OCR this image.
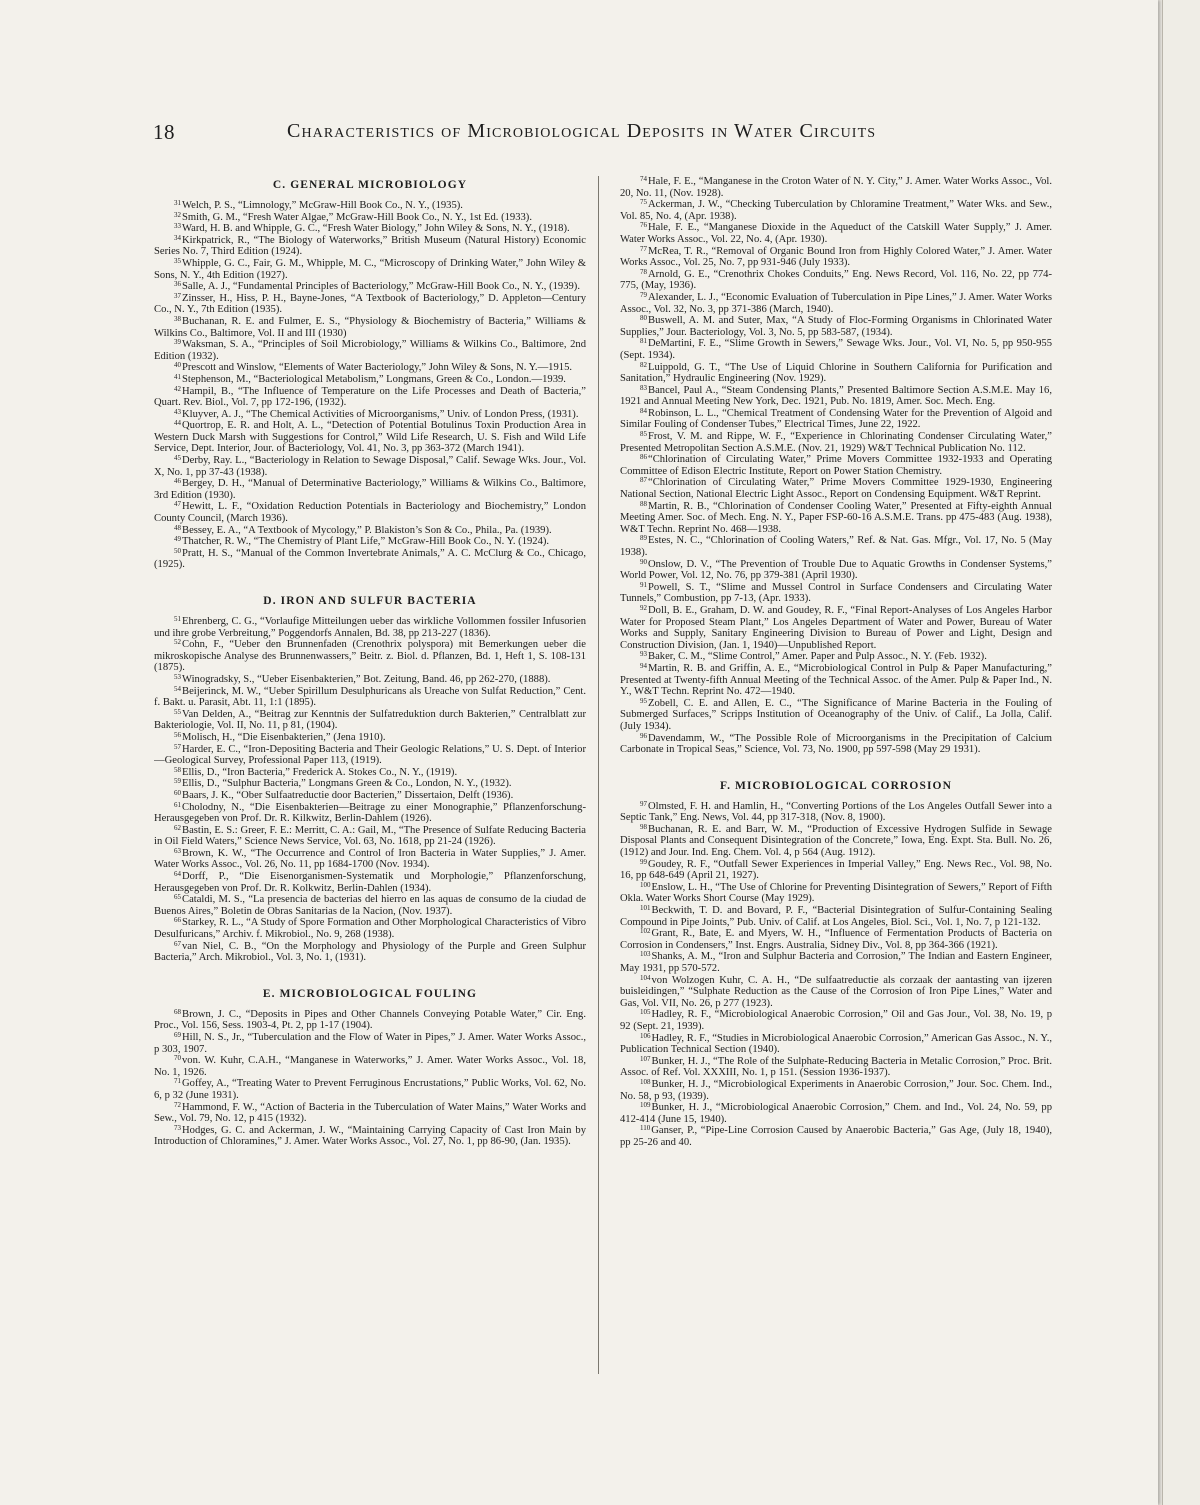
18	Characteristics of Microbiological Deposits in Water Circuits
C. GENERAL MICROBIOLOGY

$^{31}$Welch, P. S., “Limnology,” McGraw-Hill Book Co., N. Y., (1935).

$^{32}$Smith, G. M., “Fresh Water Algae,” McGraw-Hill Book Co., N. Y., 1st Ed. (1933).

$^{33}$Ward, H. B. and Whipple, G. C., “Fresh Water Biology,” John Wiley & Sons, N. Y., (1918).

$^{34}$Kirkpatrick, R., “The Biology of Waterworks,” British Museum (Natural History) Economic Series No. 7, Third Edition (1924).

$^{35}$Whipple, G. C., Fair, G. M., Whipple, M. C., “Microscopy of Drinking Water,” John Wiley & Sons, N. Y., 4th Edition (1927).

$^{36}$Salle, A. J., “Fundamental Principles of Bacteriology,” McGraw-Hill Book Co., N. Y., (1939).

$^{37}$Zinsser, H., Hiss, P. H., Bayne-Jones, “A Textbook of Bacteriology,” D. Appleton—Century Co., N. Y., 7th Edition (1935).

$^{38}$Buchanan, R. E. and Fulmer, E. S., “Physiology & Biochemistry of Bacteria,” Williams & Wilkins Co., Baltimore, Vol. II and III (1930)

$^{39}$Waksman, S. A., “Principles of Soil Microbiology,” Williams & Wilkins Co., Baltimore, 2nd Edition (1932).

$^{40}$Prescott and Winslow, “Elements of Water Bacteriology,” John Wiley & Sons, N. Y.—1915.

$^{41}$Stephenson, M., “Bacteriological Metabolism,” Longmans, Green & Co., London.—1939.

$^{42}$Hampil, B., “The Influence of Temperature on the Life Processes and Death of Bacteria,” Quart. Rev. Biol., Vol. 7, pp 172-196, (1932).

$^{43}$Kluyver, A. J., “The Chemical Activities of Microorganisms,” Univ. of London Press, (1931).

$^{44}$Quortrop, E. R. and Holt, A. L., “Detection of Potential Botulinus Toxin Production Area in Western Duck Marsh with Suggestions for Control,” Wild Life Research, U. S. Fish and Wild Life Service, Dept. Interior, Jour. of Bacteriology, Vol. 41, No. 3, pp 363-372 (March 1941).

$^{45}$Derby, Ray. L., “Bacteriology in Relation to Sewage Disposal,” Calif. Sewage Wks. Jour., Vol. X, No. 1, pp 37-43 (1938).

$^{46}$Bergey, D. H., “Manual of Determinative Bacteriology,” Williams & Wilkins Co., Baltimore, 3rd Edition (1930).

$^{47}$Hewitt, L. F., “Oxidation Reduction Potentials in Bacteriology and Biochemistry,” London County Council, (March 1936).

$^{48}$Bessey, E. A., “A Textbook of Mycology,” P. Blakiston’s Son & Co., Phila., Pa. (1939).

$^{49}$Thatcher, R. W., “The Chemistry of Plant Life,” McGraw-Hill Book Co., N. Y. (1924).

$^{50}$Pratt, H. S., “Manual of the Common Invertebrate Animals,” A. C. McClurg & Co., Chicago, (1925).

D. IRON AND SULFUR BACTERIA

$^{51}$Ehrenberg, C. G., “Vorlaufige Mitteilungen ueber das wirkliche Vollommen fossiler Infusorien und ihre grobe Verbreitung,” Poggendorfs Annalen, Bd. 38, pp 213-227 (1836).

$^{52}$Cohn, F., “Ueber den Brunnenfaden (Crenothrix polyspora) mit Bemerkungen ueber die mikroskopische Analyse des Brunnenwassers,” Beitr. z. Biol. d. Pflanzen, Bd. 1, Heft 1, S. 108-131 (1875).

$^{53}$Winogradsky, S., “Ueber Eisenbakterien,” Bot. Zeitung, Band. 46, pp 262-270, (1888).

$^{54}$Beijerinck, M. W., “Ueber Spirillum Desulphuricans als Ureache von Sulfat Reduction,” Cent. f. Bakt. u. Parasit, Abt. 11, 1:1 (1895).

$^{55}$Van Delden, A., “Beitrag zur Kenntnis der Sulfatreduktion durch Bakterien,” Centralblatt zur Bakteriologie, Vol. II, No. 11, p 81, (1904).

$^{56}$Molisch, H., “Die Eisenbakterien,” (Jena 1910).

$^{57}$Harder, E. C., “Iron-Depositing Bacteria and Their Geologic Relations,” U. S. Dept. of Interior—Geological Survey, Professional Paper 113, (1919).

$^{58}$Ellis, D., “Iron Bacteria,” Frederick A. Stokes Co., N. Y., (1919).

$^{59}$Ellis, D., “Sulphur Bacteria,” Longmans Green & Co., London, N. Y., (1932).

$^{60}$Baars, J. K., “Ober Sulfaatreductie door Bacterien,” Dissertaion, Delft (1936).

$^{61}$Cholodny, N., “Die Eisenbakterien—Beitrage zu einer Monographie,” Pflanzenforschung-Herausgegeben von Prof. Dr. R. Kilkwitz, Berlin-Dahlem (1926).

$^{62}$Bastin, E. S.: Greer, F. E.: Merritt, C. A.: Gail, M., “The Presence of Sulfate Reducing Bacteria in Oil Field Waters,” Science News Service, Vol. 63, No. 1618, pp 21-24 (1926).

$^{63}$Brown, K. W., “The Occurrence and Control of Iron Bacteria in Water Supplies,” J. Amer. Water Works Assoc., Vol. 26, No. 11, pp 1684-1700 (Nov. 1934).

$^{64}$Dorff, P., “Die Eisenorganismen-Systematik und Morphologie,” Pflanzenforschung, Herausgegeben von Prof. Dr. R. Kolkwitz, Berlin-Dahlen (1934).

$^{65}$Cataldi, M. S., “La presencia de bacterias del hierro en las aquas de consumo de la ciudad de Buenos Aires,” Boletin de Obras Sanitarias de la Nacion, (Nov. 1937).

$^{66}$Starkey, R. L., “A Study of Spore Formation and Other Morphological Characteristics of Vibro Desulfuricans,” Archiv. f. Mikrobiol., No. 9, 268 (1938).

$^{67}$van Niel, C. B., “On the Morphology and Physiology of the Purple and Green Sulphur Bacteria,” Arch. Mikrobiol., Vol. 3, No. 1, (1931).

E. MICROBIOLOGICAL FOULING

$^{68}$Brown, J. C., “Deposits in Pipes and Other Channels Conveying Potable Water,” Cir. Eng. Proc., Vol. 156, Sess. 1903-4, Pt. 2, pp 1-17 (1904).

$^{69}$Hill, N. S., Jr., “Tuberculation and the Flow of Water in Pipes,” J. Amer. Water Works Assoc., p 303, 1907.

$^{70}$von. W. Kuhr, C.A.H., “Manganese in Waterworks,” J. Amer. Water Works Assoc., Vol. 18, No. 1, 1926.

$^{71}$Goffey, A., “Treating Water to Prevent Ferruginous Encrustations,” Public Works, Vol. 62, No. 6, p 32 (June 1931).

$^{72}$Hammond, F. W., “Action of Bacteria in the Tuberculation of Water Mains,” Water Works and Sew., Vol. 79, No. 12, p 415 (1932).

$^{73}$Hodges, G. C. and Ackerman, J. W., “Maintaining Carrying Capacity of Cast Iron Main by Introduction of Chloramines,” J. Amer. Water Works Assoc., Vol. 27, No. 1, pp 86-90, (Jan. 1935).

$^{74}$Hale, F. E., “Manganese in the Croton Water of N. Y. City,” J. Amer. Water Works Assoc., Vol. 20, No. 11, (Nov. 1928).

$^{75}$Ackerman, J. W., “Checking Tuberculation by Chloramine Treatment,” Water Wks. and Sew., Vol. 85, No. 4, (Apr. 1938).

$^{76}$Hale, F. E., “Manganese Dioxide in the Aqueduct of the Catskill Water Supply,” J. Amer. Water Works Assoc., Vol. 22, No. 4, (Apr. 1930).

$^{77}$McRea, T. R., “Removal of Organic Bound Iron from Highly Colored Water,” J. Amer. Water Works Assoc., Vol. 25, No. 7, pp 931-946 (July 1933).

$^{78}$Arnold, G. E., “Crenothrix Chokes Conduits,” Eng. News Record, Vol. 116, No. 22, pp 774-775, (May, 1936).

$^{79}$Alexander, L. J., “Economic Evaluation of Tuberculation in Pipe Lines,” J. Amer. Water Works Assoc., Vol. 32, No. 3, pp 371-386 (March, 1940).

$^{80}$Buswell, A. M. and Suter, Max, “A Study of Floc-Forming Organisms in Chlorinated Water Supplies,” Jour. Bacteriology, Vol. 3, No. 5, pp 583-587, (1934).

$^{81}$DeMartini, F. E., “Slime Growth in Sewers,” Sewage Wks. Jour., Vol. VI, No. 5, pp 950-955 (Sept. 1934).

$^{82}$Luippold, G. T., “The Use of Liquid Chlorine in Southern California for Purification and Sanitation,” Hydraulic Engineering (Nov. 1929).

$^{83}$Bancel, Paul A., “Steam Condensing Plants,” Presented Baltimore Section A.S.M.E. May 16, 1921 and Annual Meeting New York, Dec. 1921, Pub. No. 1819, Amer. Soc. Mech. Eng.

$^{84}$Robinson, L. L., “Chemical Treatment of Condensing Water for the Prevention of Algoid and Similar Fouling of Condenser Tubes,” Electrical Times, June 22, 1922.

$^{85}$Frost, V. M. and Rippe, W. F., “Experience in Chlorinating Condenser Circulating Water,” Presented Metropolitan Section A.S.M.E. (Nov. 21, 1929) W&T Technical Publication No. 112.

$^{86}$“Chlorination of Circulating Water,” Prime Movers Committee 1932-1933 and Operating Committee of Edison Electric Institute, Report on Power Station Chemistry.

$^{87}$“Chlorination of Circulating Water,” Prime Movers Committee 1929-1930, Engineering National Section, National Electric Light Assoc., Report on Condensing Equipment. W&T Reprint.

$^{88}$Martin, R. B., “Chlorination of Condenser Cooling Water,” Presented at Fifty-eighth Annual Meeting Amer. Soc. of Mech. Eng. N. Y., Paper FSP-60-16 A.S.M.E. Trans. pp 475-483 (Aug. 1938), W&T Techn. Reprint No. 468—1938.

$^{89}$Estes, N. C., “Chlorination of Cooling Waters,” Ref. & Nat. Gas. Mfgr., Vol. 17, No. 5 (May 1938).

$^{90}$Onslow, D. V., “The Prevention of Trouble Due to Aquatic Growths in Condenser Systems,” World Power, Vol. 12, No. 76, pp 379-381 (April 1930).

$^{91}$Powell, S. T., “Slime and Mussel Control in Surface Condensers and Circulating Water Tunnels,” Combustion, pp 7-13, (Apr. 1933).

$^{92}$Doll, B. E., Graham, D. W. and Goudey, R. F., “Final Report-Analyses of Los Angeles Harbor Water for Proposed Steam Plant,” Los Angeles Department of Water and Power, Bureau of Water Works and Supply, Sanitary Engineering Division to Bureau of Power and Light, Design and Construction Division, (Jan. 1, 1940)—Unpublished Report.

$^{93}$Baker, C. M., “Slime Control,” Amer. Paper and Pulp Assoc., N. Y. (Feb. 1932).

$^{94}$Martin, R. B. and Griffin, A. E., “Microbiological Control in Pulp & Paper Manufacturing,” Presented at Twenty-fifth Annual Meeting of the Technical Assoc. of the Amer. Pulp & Paper Ind., N. Y., W&T Techn. Reprint No. 472—1940.

$^{95}$Zobell, C. E. and Allen, E. C., “The Significance of Marine Bacteria in the Fouling of Submerged Surfaces,” Scripps Institution of Oceanography of the Univ. of Calif., La Jolla, Calif. (July 1934).

$^{96}$Davendamm, W., “The Possible Role of Microorganisms in the Precipitation of Calcium Carbonate in Tropical Seas,” Science, Vol. 73, No. 1900, pp 597-598 (May 29 1931).

F. MICROBIOLOGICAL CORROSION

$^{97}$Olmsted, F. H. and Hamlin, H., “Converting Portions of the Los Angeles Outfall Sewer into a Septic Tank,” Eng. News, Vol. 44, pp 317-318, (Nov. 8, 1900).

$^{98}$Buchanan, R. E. and Barr, W. M., “Production of Excessive Hydrogen Sulfide in Sewage Disposal Plants and Consequent Disintegration of the Concrete,” Iowa, Eng. Expt. Sta. Bull. No. 26, (1912) and Jour. Ind. Eng. Chem. Vol. 4, p 564 (Aug. 1912).

$^{99}$Goudey, R. F., “Outfall Sewer Experiences in Imperial Valley,” Eng. News Rec., Vol. 98, No. 16, pp 648-649 (April 21, 1927).

$^{100}$Enslow, L. H., “The Use of Chlorine for Preventing Disintegration of Sewers,” Report of Fifth Okla. Water Works Short Course (May 1929).

$^{101}$Beckwith, T. D. and Bovard, P. F., “Bacterial Disintegration of Sulfur-Containing Sealing Compound in Pipe Joints,” Pub. Univ. of Calif. at Los Angeles, Biol. Sci., Vol. 1, No. 7, p 121-132.

$^{102}$Grant, R., Bate, E. and Myers, W. H., “Influence of Fermentation Products of Bacteria on Corrosion in Condensers,” Inst. Engrs. Australia, Sidney Div., Vol. 8, pp 364-366 (1921).

$^{103}$Shanks, A. M., “Iron and Sulphur Bacteria and Corrosion,” The Indian and Eastern Engineer, May 1931, pp 570-572.

$^{104}$von Wolzogen Kuhr, C. A. H., “De sulfaatreductie als corzaak der aantasting van ijzeren buisleidingen,” “Sulphate Reduction as the Cause of the Corrosion of Iron Pipe Lines,” Water and Gas, Vol. VII, No. 26, p 277 (1923).

$^{105}$Hadley, R. F., “Microbiological Anaerobic Corrosion,” Oil and Gas Jour., Vol. 38, No. 19, p 92 (Sept. 21, 1939).

$^{106}$Hadley, R. F., “Studies in Microbiological Anaerobic Corrosion,” American Gas Assoc., N. Y., Publication Technical Section (1940).

$^{107}$Bunker, H. J., “The Role of the Sulphate-Reducing Bacteria in Metalic Corrosion,” Proc. Brit. Assoc. of Ref. Vol. XXXIII, No. 1, p 151. (Session 1936-1937).

$^{108}$Bunker, H. J., “Microbiological Experiments in Anaerobic Corrosion,” Jour. Soc. Chem. Ind., No. 58, p 93, (1939).

$^{109}$Bunker, H. J., “Microbiological Anaerobic Corrosion,” Chem. and Ind., Vol. 24, No. 59, pp 412-414 (June 15, 1940).

$^{110}$Ganser, P., “Pipe-Line Corrosion Caused by Anaerobic Bacteria,” Gas Age, (July 18, 1940), pp 25-26 and 40.
